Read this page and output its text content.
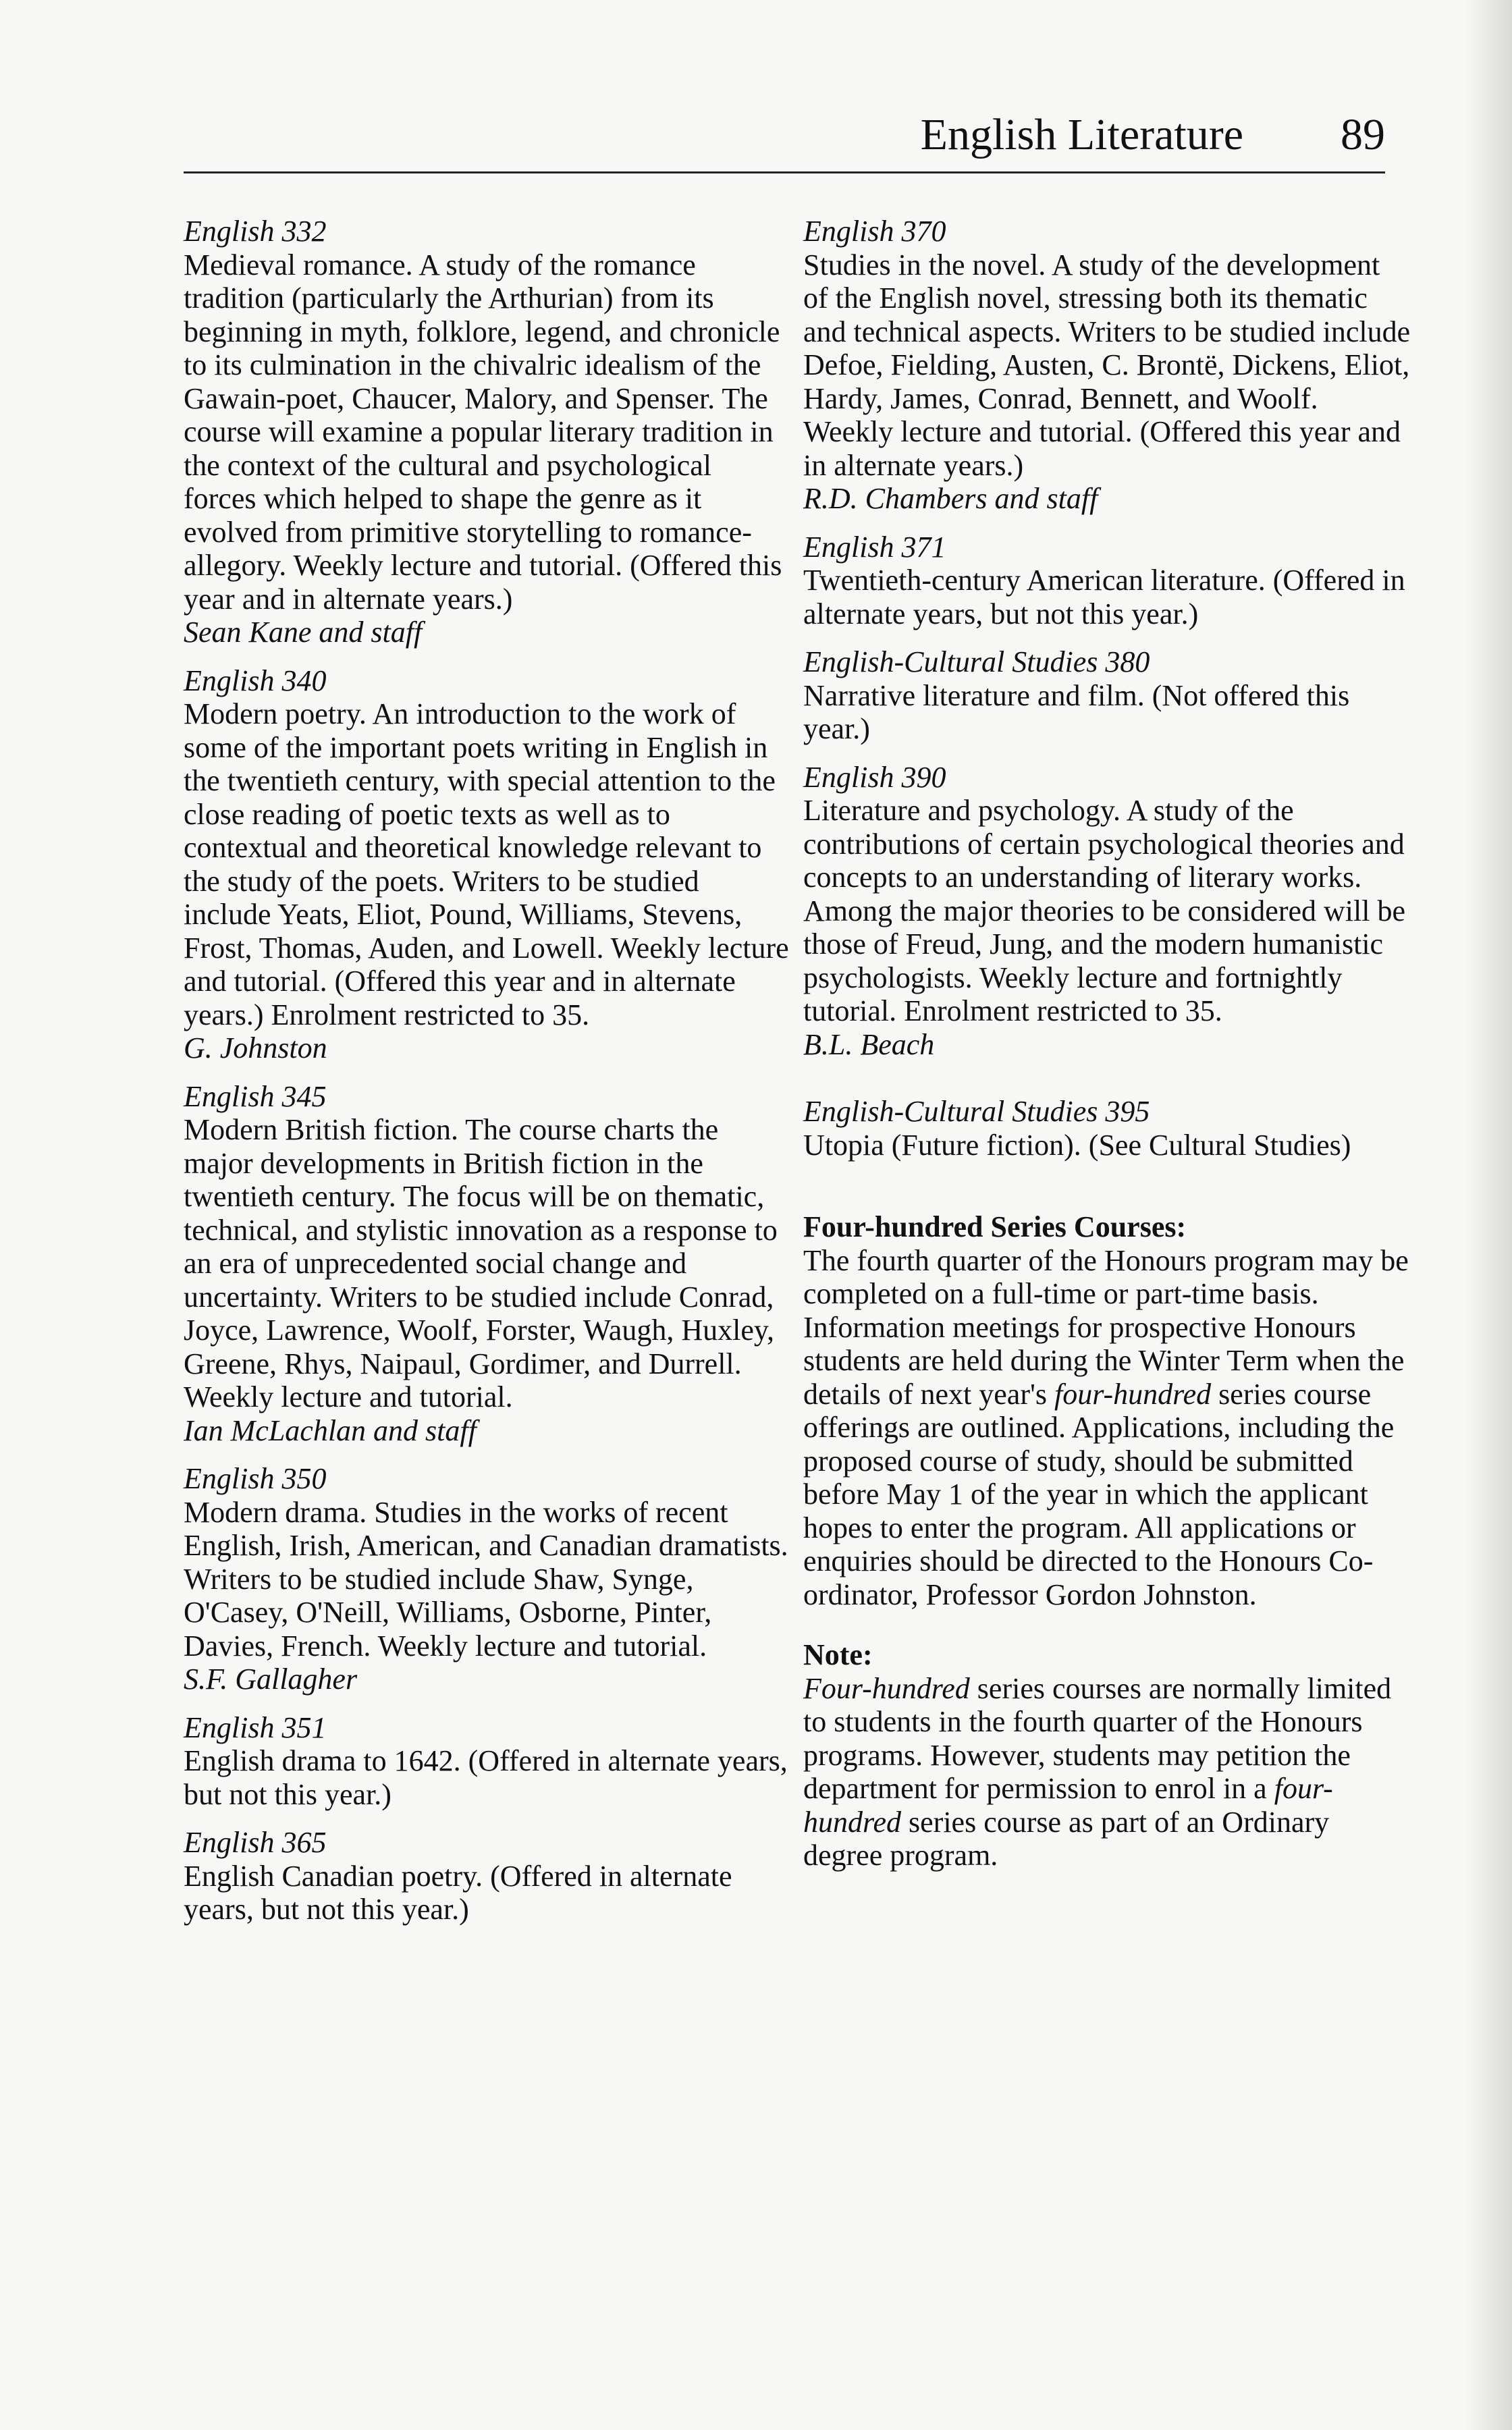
English Literature 89
English 332

Medieval romance. A study of the romance tradition (particularly the Arthurian) from its beginning in myth, folklore, legend, and chronicle to its culmination in the chivalric idealism of the Gawain-poet, Chaucer, Malory, and Spenser. The course will examine a popular literary tradition in the context of the cultural and psychological forces which helped to shape the genre as it evolved from primitive storytelling to romance-allegory. Weekly lecture and tutorial. (Offered this year and in alternate years.)

Sean Kane and staff
English 340

Modern poetry. An introduction to the work of some of the important poets writing in English in the twentieth century, with special attention to the close reading of poetic texts as well as to contextual and theoretical knowledge relevant to the study of the poets. Writers to be studied include Yeats, Eliot, Pound, Williams, Stevens, Frost, Thomas, Auden, and Lowell. Weekly lecture and tutorial. (Offered this year and in alternate years.) Enrolment restricted to 35.

G. Johnston
English 345

Modern British fiction. The course charts the major developments in British fiction in the twentieth century. The focus will be on thematic, technical, and stylistic innovation as a response to an era of unprecedented social change and uncertainty. Writers to be studied include Conrad, Joyce, Lawrence, Woolf, Forster, Waugh, Huxley, Greene, Rhys, Naipaul, Gordimer, and Durrell. Weekly lecture and tutorial.

Ian McLachlan and staff
English 350

Modern drama. Studies in the works of recent English, Irish, American, and Canadian dramatists. Writers to be studied include Shaw, Synge, O'Casey, O'Neill, Williams, Osborne, Pinter, Davies, French. Weekly lecture and tutorial.

S.F. Gallagher
English 351

English drama to 1642. (Offered in alternate years, but not this year.)

English 365

English Canadian poetry. (Offered in alternate years, but not this year.)

English 370

Studies in the novel. A study of the development of the English novel, stressing both its thematic and technical aspects. Writers to be studied include Defoe, Fielding, Austen, C. Brontë, Dickens, Eliot, Hardy, James, Conrad, Bennett, and Woolf. Weekly lecture and tutorial. (Offered this year and in alternate years.)

R.D. Chambers and staff
English 371

Twentieth-century American literature. (Offered in alternate years, but not this year.)

English-Cultural Studies 380

Narrative literature and film. (Not offered this year.)

English 390

Literature and psychology. A study of the contributions of certain psychological theories and concepts to an understanding of literary works. Among the major theories to be considered will be those of Freud, Jung, and the modern humanistic psychologists. Weekly lecture and fortnightly tutorial. Enrolment restricted to 35.

B.L. Beach
English-Cultural Studies 395

Utopia (Future fiction). (See Cultural Studies)

Four-hundred Series Courses:

The fourth quarter of the Honours program may be completed on a full-time or part-time basis. Information meetings for prospective Honours students are held during the Winter Term when the details of next year's four-hundred series course offerings are outlined. Applications, including the proposed course of study, should be submitted before May 1 of the year in which the applicant hopes to enter the program. All applications or enquiries should be directed to the Honours Co-ordinator, Professor Gordon Johnston.

Note:

Four-hundred series courses are normally limited to students in the fourth quarter of the Honours programs. However, students may petition the department for permission to enrol in a four-hundred series course as part of an Ordinary degree program.
